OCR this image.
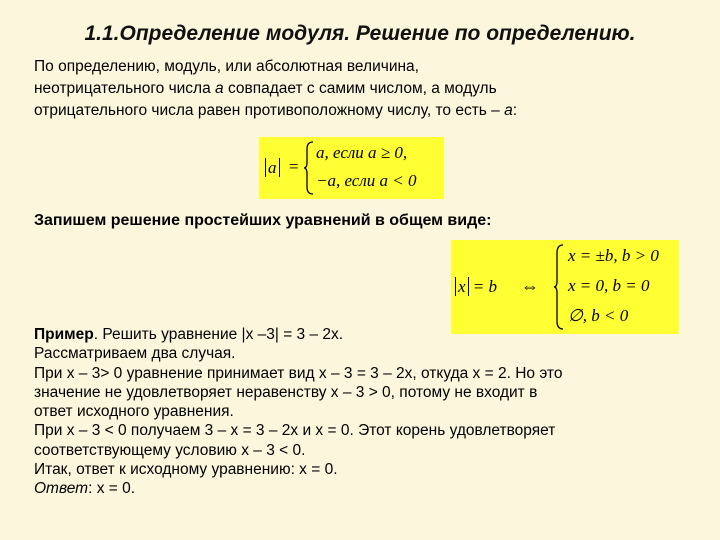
1.1.Определение модуля. Решение по определению.
По определению, модуль, или абсолютная величина,
неотрицательного числа а совпадает с самим числом, а модуль
отрицательного числа равен противоположному числу, то есть – а:
a =
a, если a ≥ 0,
−a, если a < 0
Запишем решение простейших уравнений в общем виде:
x = b ⇔
x = ±b, b > 0
x = 0, b = 0
∅, b < 0
Пример. Решить уравнение |x –3| = 3 – 2x.
Рассматриваем два случая.
При x – 3> 0 уравнение принимает вид x – 3 = 3 – 2x, откуда x = 2. Но это
значение не удовлетворяет неравенству x – 3 > 0, потому не входит в
ответ исходного уравнения.
При x – 3 < 0 получаем 3 – x = 3 – 2x и x = 0. Этот корень удовлетворяет
соответствующему условию x – 3 < 0.
Итак, ответ к исходному уравнению: x = 0.
Ответ: x = 0.
